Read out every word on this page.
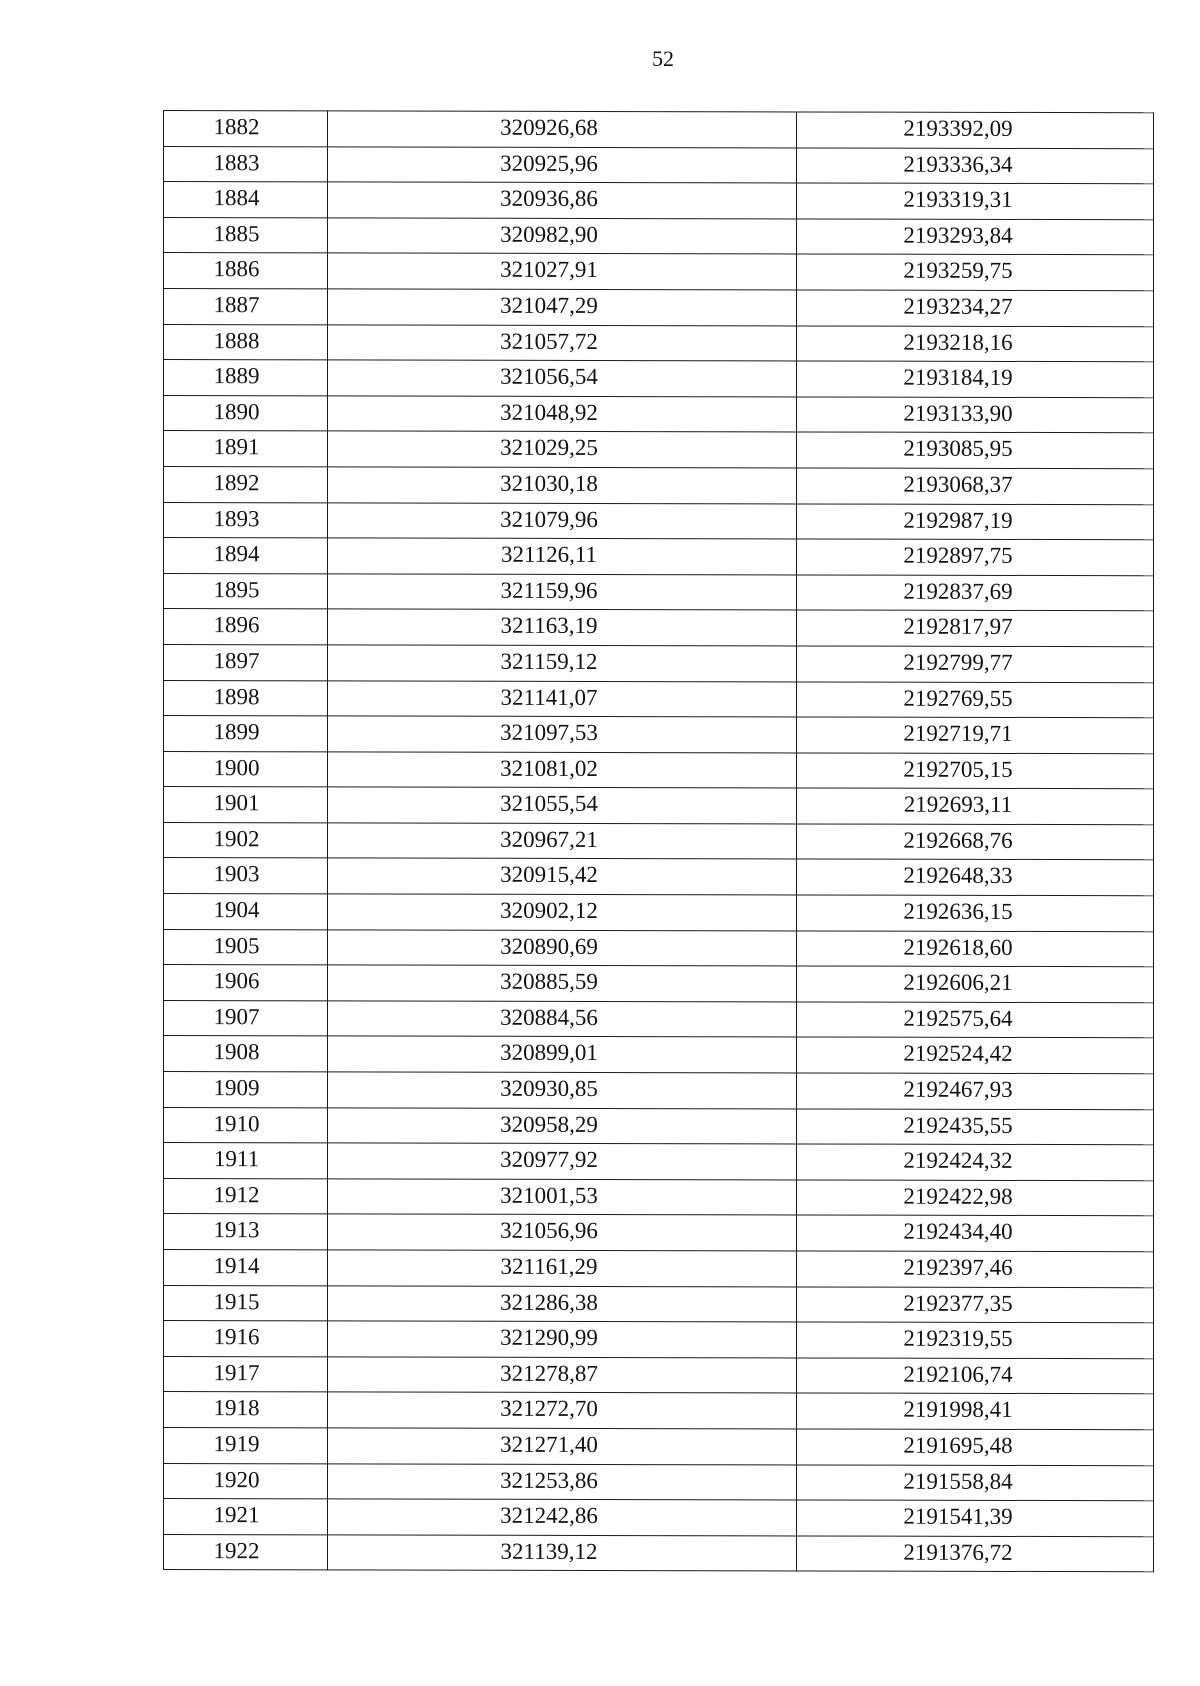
52
1882	320926,68	2193392,09
1883	320925,96	2193336,34
1884	320936,86	2193319,31
1885	320982,90	2193293,84
1886	321027,91	2193259,75
1887	321047,29	2193234,27
1888	321057,72	2193218,16
1889	321056,54	2193184,19
1890	321048,92	2193133,90
1891	321029,25	2193085,95
1892	321030,18	2193068,37
1893	321079,96	2192987,19
1894	321126,11	2192897,75
1895	321159,96	2192837,69
1896	321163,19	2192817,97
1897	321159,12	2192799,77
1898	321141,07	2192769,55
1899	321097,53	2192719,71
1900	321081,02	2192705,15
1901	321055,54	2192693,11
1902	320967,21	2192668,76
1903	320915,42	2192648,33
1904	320902,12	2192636,15
1905	320890,69	2192618,60
1906	320885,59	2192606,21
1907	320884,56	2192575,64
1908	320899,01	2192524,42
1909	320930,85	2192467,93
1910	320958,29	2192435,55
1911	320977,92	2192424,32
1912	321001,53	2192422,98
1913	321056,96	2192434,40
1914	321161,29	2192397,46
1915	321286,38	2192377,35
1916	321290,99	2192319,55
1917	321278,87	2192106,74
1918	321272,70	2191998,41
1919	321271,40	2191695,48
1920	321253,86	2191558,84
1921	321242,86	2191541,39
1922	321139,12	2191376,72
